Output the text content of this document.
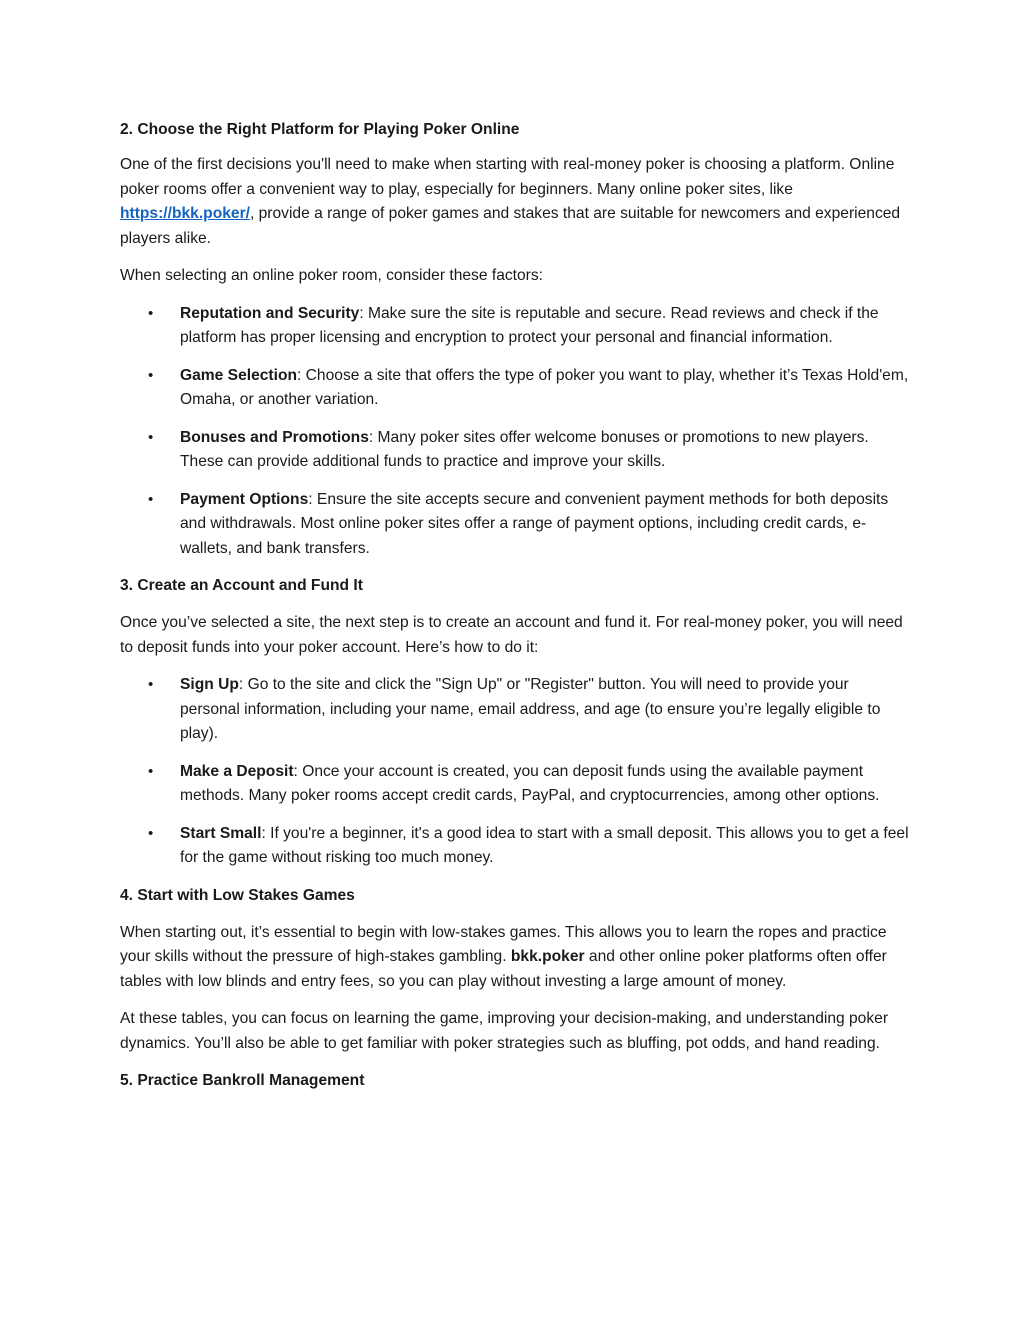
2. Choose the Right Platform for Playing Poker Online

One of the first decisions you'll need to make when starting with real-money poker is choosing a platform. Online poker rooms offer a convenient way to play, especially for beginners. Many online poker sites, like https://bkk.poker/, provide a range of poker games and stakes that are suitable for newcomers and experienced players alike.

When selecting an online poker room, consider these factors:

• Reputation and Security: Make sure the site is reputable and secure. Read reviews and check if the platform has proper licensing and encryption to protect your personal and financial information.
• Game Selection: Choose a site that offers the type of poker you want to play, whether it’s Texas Hold'em, Omaha, or another variation.
• Bonuses and Promotions: Many poker sites offer welcome bonuses or promotions to new players. These can provide additional funds to practice and improve your skills.
• Payment Options: Ensure the site accepts secure and convenient payment methods for both deposits and withdrawals. Most online poker sites offer a range of payment options, including credit cards, e-wallets, and bank transfers.
3. Create an Account and Fund It

Once you’ve selected a site, the next step is to create an account and fund it. For real-money poker, you will need to deposit funds into your poker account. Here’s how to do it:

• Sign Up: Go to the site and click the "Sign Up" or "Register" button. You will need to provide your personal information, including your name, email address, and age (to ensure you’re legally eligible to play).
• Make a Deposit: Once your account is created, you can deposit funds using the available payment methods. Many poker rooms accept credit cards, PayPal, and cryptocurrencies, among other options.
• Start Small: If you're a beginner, it's a good idea to start with a small deposit. This allows you to get a feel for the game without risking too much money.
4. Start with Low Stakes Games

When starting out, it’s essential to begin with low-stakes games. This allows you to learn the ropes and practice your skills without the pressure of high-stakes gambling. bkk.poker and other online poker platforms often offer tables with low blinds and entry fees, so you can play without investing a large amount of money.

At these tables, you can focus on learning the game, improving your decision-making, and understanding poker dynamics. You’ll also be able to get familiar with poker strategies such as bluffing, pot odds, and hand reading.

5. Practice Bankroll Management
